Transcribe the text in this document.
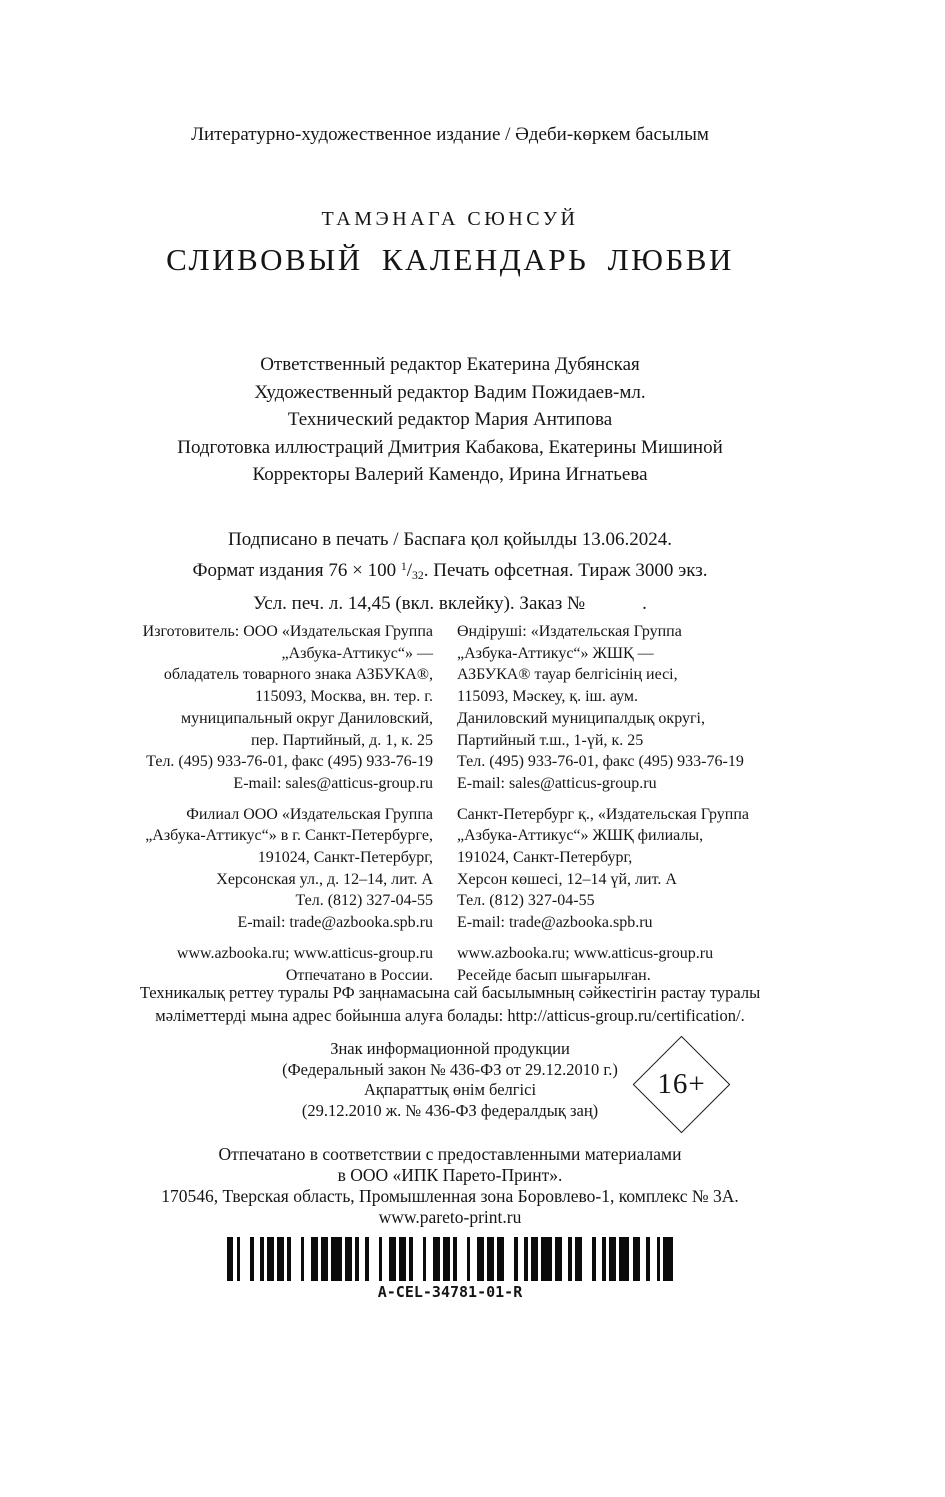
Литературно-художественное издание / Әдеби-көркем басылым
ТАМЭНАГА СЮНСУЙ
СЛИВОВЫЙ КАЛЕНДАРЬ ЛЮБВИ
Ответственный редактор Екатерина Дубянская
Художественный редактор Вадим Пожидаев-мл.
Технический редактор Мария Антипова
Подготовка иллюстраций Дмитрия Кабакова, Екатерины Мишиной
Корректоры Валерий Камендо, Ирина Игнатьева
Подписано в печать / Баспаға қол қойылды 13.06.2024.
Формат издания 76 × 100 $^1/_{32}$. Печать офсетная. Тираж 3000 экз.
Усл. печ. л. 14,45 (вкл. вклейку). Заказ №            .
Изготовитель: ООО «Издательская Группа
„Азбука-Аттикус“» —
обладатель товарного знака АЗБУКА®,
115093, Москва, вн. тер. г.
муниципальный округ Даниловский,
пер. Партийный, д. 1, к. 25
Тел. (495) 933-76-01, факс (495) 933-76-19
E-mail: sales@atticus-group.ru
Филиал ООО «Издательская Группа
„Азбука-Аттикус“» в г. Санкт-Петербурге,
191024, Санкт-Петербург,
Херсонская ул., д. 12–14, лит. А
Тел. (812) 327-04-55
E-mail: trade@azbooka.spb.ru
www.azbooka.ru; www.atticus-group.ru
Отпечатано в России.
Өндіруші: «Издательская Группа
„Азбука-Аттикус“» ЖШҚ —
АЗБУКА® тауар белгісінің иесі,
115093, Мәскеу, қ. іш. аум.
Даниловский муниципалдық округі,
Партийный т.ш., 1-үй, к. 25
Тел. (495) 933-76-01, факс (495) 933-76-19
E-mail: sales@atticus-group.ru
Санкт-Петербург қ., «Издательская Группа
„Азбука-Аттикус“» ЖШҚ филиалы,
191024, Санкт-Петербург,
Херсон көшесі, 12–14 үй, лит. А
Тел. (812) 327-04-55
E-mail: trade@azbooka.spb.ru
www.azbooka.ru; www.atticus-group.ru
Ресейде басып шығарылған.
Техникалық реттеу туралы РФ заңнамасына сай басылымның сәйкестігін растау туралы
мәліметтерді мына адрес бойынша алуға болады: http://atticus-group.ru/certification/.
Знак информационной продукции
(Федеральный закон № 436-ФЗ от 29.12.2010 г.)
Ақпараттық өнім белгісі
(29.12.2010 ж. № 436-ФЗ федералдық заң)
16+
Отпечатано в соответствии с предоставленными материалами
в ООО «ИПК Парето-Принт».
170546, Тверская область, Промышленная зона Боровлево-1, комплекс № 3А.
www.pareto-print.ru
A-CEL-34781-01-R
